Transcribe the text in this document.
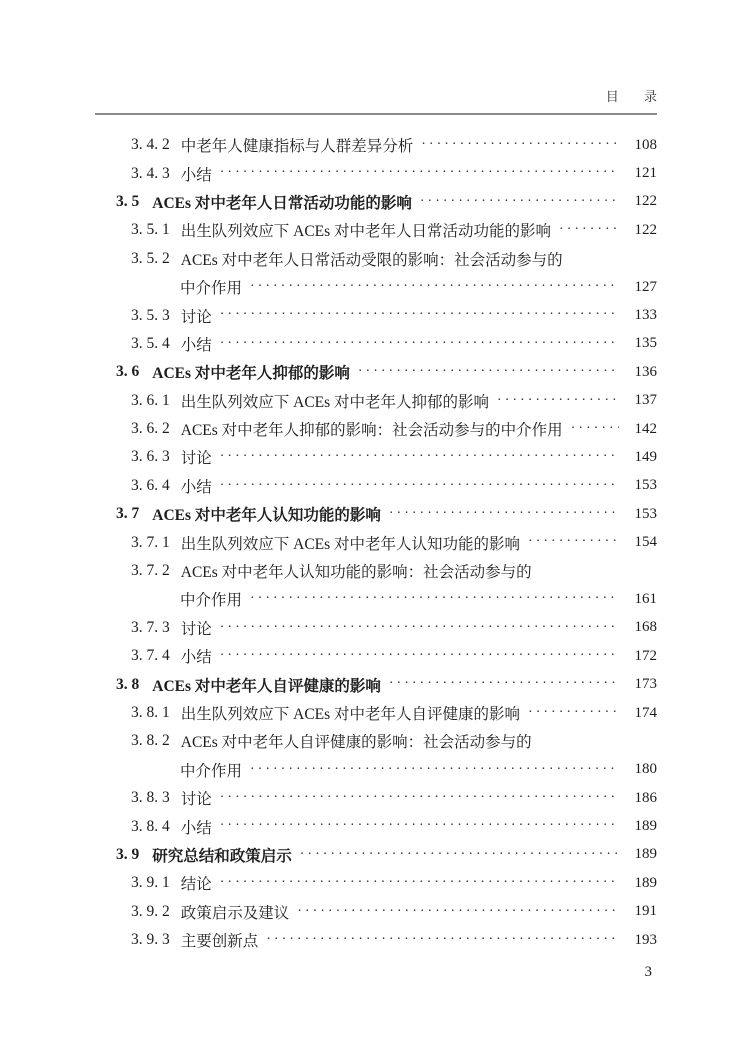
目 录
3. 4. 2 中老年人健康指标与人群差异分析 ·····	108
3. 4. 3 小结 ·····	121
3. 5 ACEs 对中老年人日常活动功能的影响 ·····	122
3. 5. 1 出生队列效应下 ACEs 对中老年人日常活动功能的影响 ·····	122
3. 5. 2 ACEs 对中老年人日常活动受限的影响：社会活动参与的
中介作用 ·····	127
3. 5. 3 讨论 ·····	133
3. 5. 4 小结 ·····	135
3. 6 ACEs 对中老年人抑郁的影响 ·····	136
3. 6. 1 出生队列效应下 ACEs 对中老年人抑郁的影响 ·····	137
3. 6. 2 ACEs 对中老年人抑郁的影响：社会活动参与的中介作用 ·····	142
3. 6. 3 讨论 ·····	149
3. 6. 4 小结 ·····	153
3. 7 ACEs 对中老年人认知功能的影响 ·····	153
3. 7. 1 出生队列效应下 ACEs 对中老年人认知功能的影响 ·····	154
3. 7. 2 ACEs 对中老年人认知功能的影响：社会活动参与的
中介作用 ·····	161
3. 7. 3 讨论 ·····	168
3. 7. 4 小结 ·····	172
3. 8 ACEs 对中老年人自评健康的影响 ·····	173
3. 8. 1 出生队列效应下 ACEs 对中老年人自评健康的影响 ·····	174
3. 8. 2 ACEs 对中老年人自评健康的影响：社会活动参与的
中介作用 ·····	180
3. 8. 3 讨论 ·····	186
3. 8. 4 小结 ·····	189
3. 9 研究总结和政策启示 ·····	189
3. 9. 1 结论 ·····	189
3. 9. 2 政策启示及建议 ·····	191
3. 9. 3 主要创新点 ·····	193
3
